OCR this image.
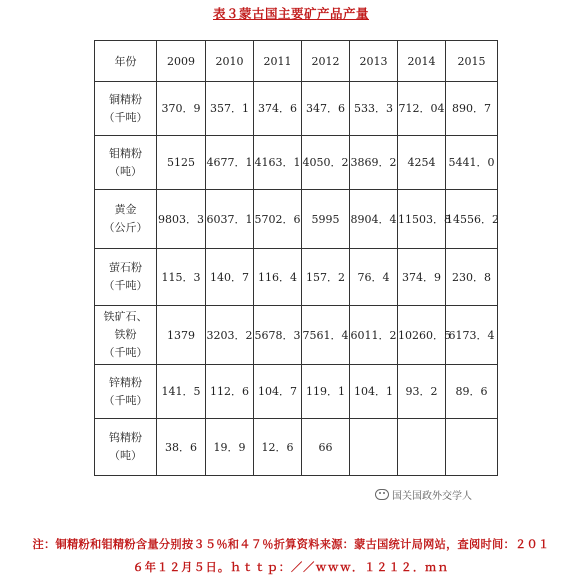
表３蒙古国主要矿产品产量
年份	2009	2010	2011	2012	2013	2014	2015

铜精粉
（千吨）	370．9	357．1	374．6	347．6	533．3	712．04	890．7

钼精粉
（吨）	5125	4677．1	4163．1	4050．2	3869．2	4254	5441．0

黄金
（公斤）	9803．3	6037．1	5702．6	5995	8904．4	11503．8	14556．2

萤石粉
（千吨）	115．3	140．7	116．4	157．2	76．4	374．9	230．8

铁矿石、
铁粉
（千吨）	1379	3203．2	5678．3	7561．4	6011．2	10260．5	6173．4

锌精粉
（千吨）	141．5	112．6	104．7	119．1	104．1	93．2	89．6

钨精粉
（吨）	38．6	19．9	12．6	66			
国关国政外交学人
注：铜精粉和钼精粉含量分别按３５％和４７％折算资料来源：蒙古国统计局网站，查阅时间：２０１
６年１２月５日。ｈｔｔｐ：／／ｗｗｗ．１２１２．ｍｎ
